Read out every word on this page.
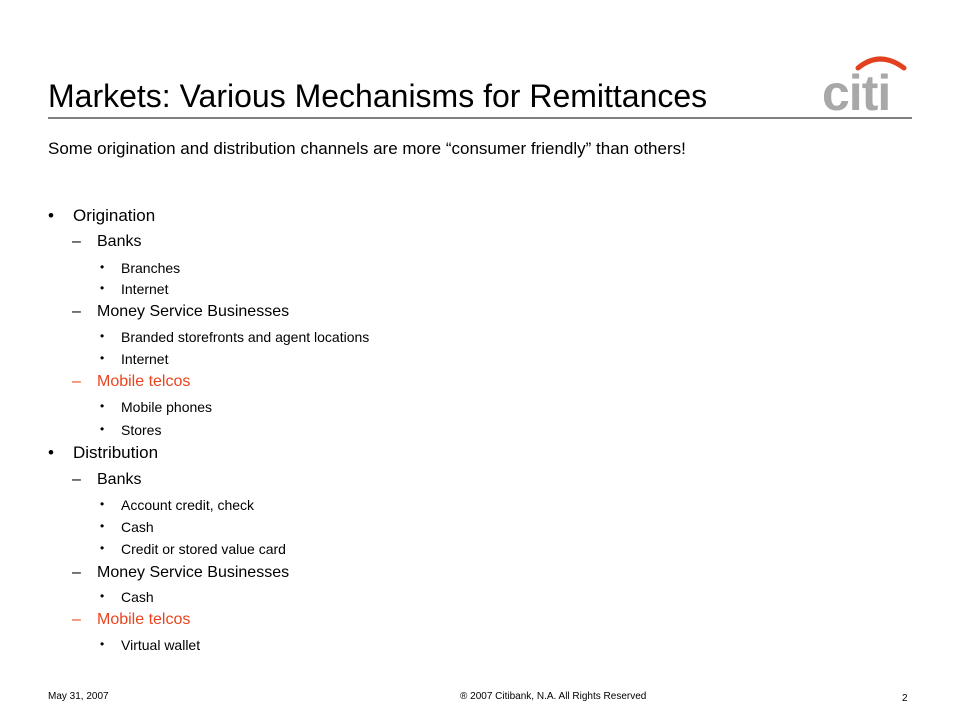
Markets: Various Mechanisms for Remittances citi
Some origination and distribution channels are more “consumer friendly” than others!
• Origination
– Banks
• Branches
• Internet
– Money Service Businesses
• Branded storefronts and agent locations
• Internet
– Mobile telcos
• Mobile phones
• Stores
• Distribution
– Banks
• Account credit, check
• Cash
• Credit or stored value card
– Money Service Businesses
• Cash
– Mobile telcos
• Virtual wallet
May 31, 2007	® 2007 Citibank, N.A. All Rights Reserved	2
